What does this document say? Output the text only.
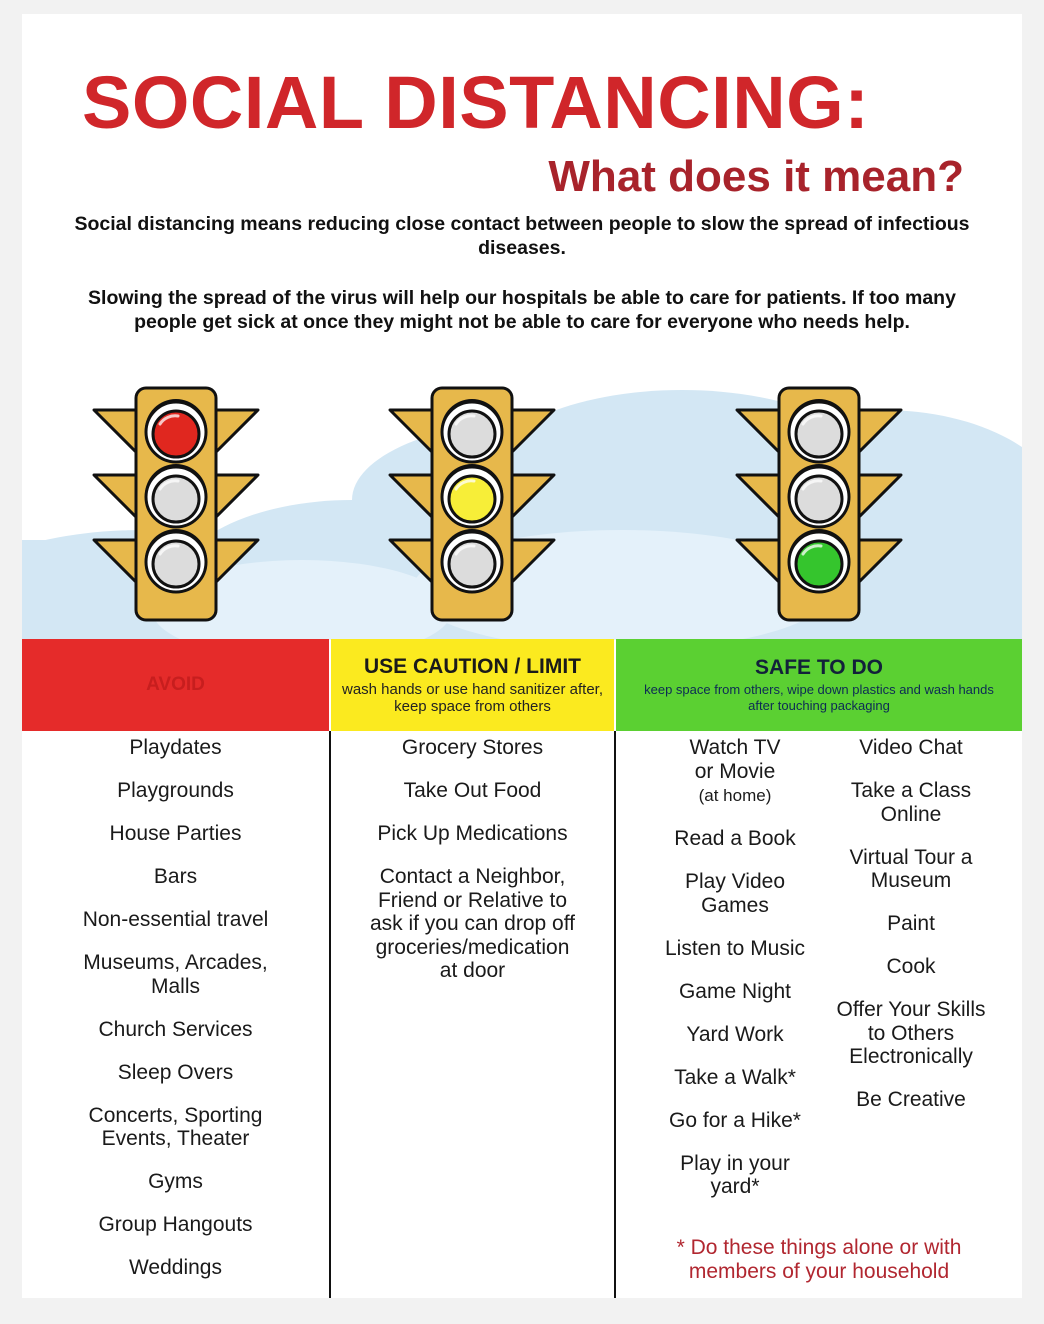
SOCIAL DISTANCING:
What does it mean?

Social distancing means reducing close contact between people to slow the spread of infectious diseases.

Slowing the spread of the virus will help our hospitals be able to care for patients. If too many people get sick at once they might not be able to care for everyone who needs help.

AVOID

USE CAUTION / LIMIT

wash hands or use hand sanitizer after, keep space from others

SAFE TO DO

keep space from others, wipe down plastics and wash hands after touching packaging

Playdates

Playgrounds

House Parties

Bars

Non-essential travel

Museums, Arcades,
Malls

Church Services

Sleep Overs

Concerts, Sporting
Events, Theater

Gyms

Group Hangouts

Weddings

Grocery Stores

Take Out Food

Pick Up Medications

Contact a Neighbor,
Friend or Relative to
ask if you can drop off
groceries/medication
at door

Watch TV
or Movie
(at home)

Read a Book

Play Video
Games

Listen to Music

Game Night

Yard Work

Take a Walk*

Go for a Hike*

Play in your
yard*

Video Chat

Take a Class
Online

Virtual Tour a
Museum

Paint

Cook

Offer Your Skills
to Others
Electronically

Be Creative

* Do these things alone or with members of your household
